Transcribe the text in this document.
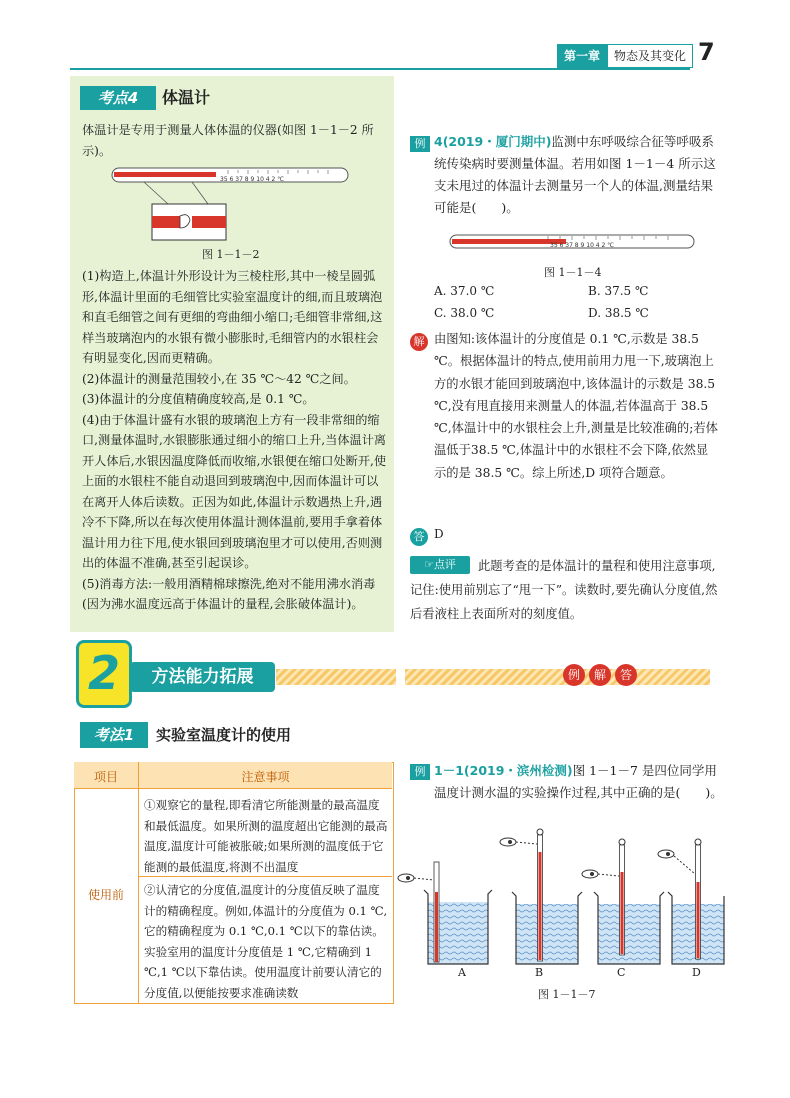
第一章	物态及其变化 7
考点4	体温计
体温计是专用于测量人体体温的仪器(如图 1－1－2 所示)。
35 6 37 8 9 10 4 2 ℃
图 1－1－2
(1)构造上,体温计外形设计为三棱柱形,其中一棱呈圆弧形,体温计里面的毛细管比实验室温度计的细,而且玻璃泡和直毛细管之间有更细的弯曲细小缩口;毛细管非常细,这样当玻璃泡内的水银有微小膨胀时,毛细管内的水银柱会有明显变化,因而更精确。
(2)体温计的测量范围较小,在 35 ℃～42 ℃之间。
(3)体温计的分度值精确度较高,是 0.1 ℃。
(4)由于体温计盛有水银的玻璃泡上方有一段非常细的缩口,测量体温时,水银膨胀通过细小的缩口上升,当体温计离开人体后,水银因温度降低而收缩,水银便在缩口处断开,使上面的水银柱不能自动退回到玻璃泡中,因而体温计可以在离开人体后读数。正因为如此,体温计示数遇热上升,遇冷不下降,所以在每次使用体温计测体温前,要用手拿着体温计用力往下甩,使水银回到玻璃泡里才可以使用,否则测出的体温不准确,甚至引起误诊。
(5)消毒方法:一般用酒精棉球擦洗,绝对不能用沸水消毒(因为沸水温度远高于体温计的量程,会胀破体温计)。
例 4(2019・厦门期中)监测中东呼吸综合征等呼吸系统传染病时要测量体温。若用如图 1－1－4 所示这支未甩过的体温计去测量另一个人的体温,测量结果可能是(　　)。
35 6 37 8 9 10 4 2 ℃
图 1－1－4
A. 37.0 ℃	B. 37.5 ℃
C. 38.0 ℃	D. 38.5 ℃
解 由图知:该体温计的分度值是 0.1 ℃,示数是 38.5 ℃。根据体温计的特点,使用前用力甩一下,玻璃泡上方的水银才能回到玻璃泡中,该体温计的示数是 38.5 ℃,没有甩直接用来测量人的体温,若体温高于 38.5 ℃,体温计中的水银柱会上升,测量是比较准确的;若体温低于38.5 ℃,体温计中的水银柱不会下降,依然显示的是 38.5 ℃。综上所述,D 项符合题意。
答 D
此题考查的是体温计的量程和使用注意事项,记住:使用前别忘了“甩一下”。读数时,要先确认分度值,然后看液柱上表面所对的刻度值。
☞点评
2	方法能力拓展	例	解	答
考法1	实验室温度计的使用
项目	注意事项
使用前
①观察它的量程,即看清它所能测量的最高温度和最低温度。如果所测的温度超出它能测的最高温度,温度计可能被胀破;如果所测的温度低于它能测的最低温度,将测不出温度
②认清它的分度值,温度计的分度值反映了温度计的精确程度。例如,体温计的分度值为 0.1 ℃,它的精确程度为 0.1 ℃,0.1 ℃以下的靠估读。实验室用的温度计分度值是 1 ℃,它精确到 1 ℃,1 ℃以下靠估读。使用温度计前要认清它的分度值,以便能按要求准确读数
例 1－1(2019・滨州检测)图 1－1－7 是四位同学用温度计测水温的实验操作过程,其中正确的是(　　)。
A	B	C	D
图 1－1－7
